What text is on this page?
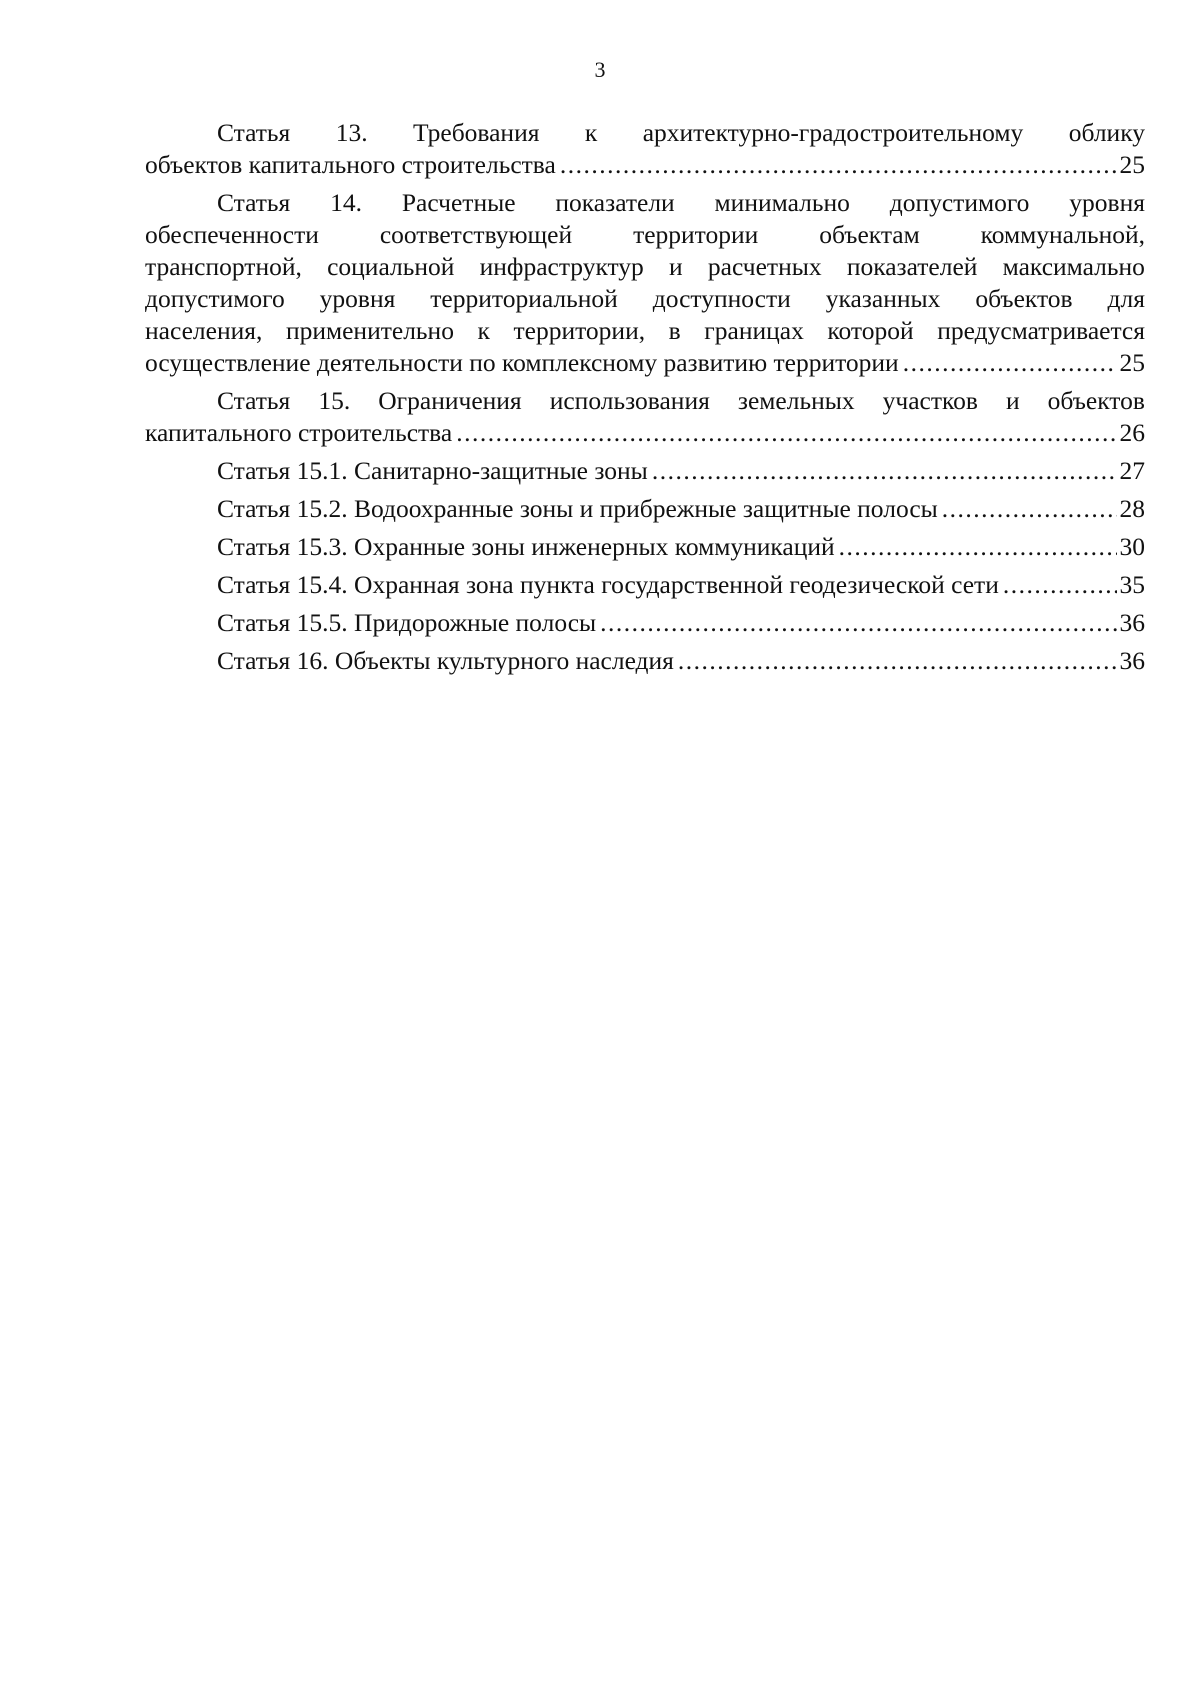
3
Статья 13. Требования к архитектурно-градостроительному облику
объектов капитального строительства .....	25
Статья 14. Расчетные показатели минимально допустимого уровня
обеспеченности соответствующей территории объектам коммунальной,
транспортной, социальной инфраструктур и расчетных показателей максимально
допустимого уровня территориальной доступности указанных объектов для
населения, применительно к территории, в границах которой предусматривается
осуществление деятельности по комплексному развитию территории .....	25
Статья 15. Ограничения использования земельных участков и объектов
капитального строительства .....	26
Статья 15.1. Санитарно-защитные зоны .....	27
Статья 15.2. Водоохранные зоны и прибрежные защитные полосы .....	28
Статья 15.3. Охранные зоны инженерных коммуникаций .....	30
Статья 15.4. Охранная зона пункта государственной геодезической сети .....	35
Статья 15.5. Придорожные полосы .....	36
Статья 16. Объекты культурного наследия .....	36
